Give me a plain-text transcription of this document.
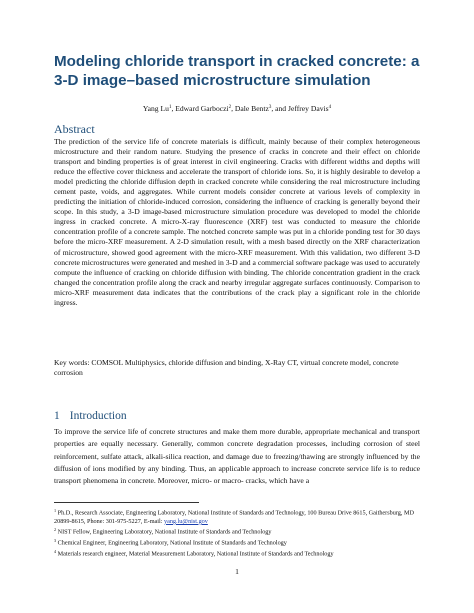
Modeling chloride transport in cracked concrete: a 3-D image–based microstructure simulation
Yang Lu$^1$, Edward Garboczi$^2$, Dale Bentz$^3$, and Jeffrey Davis$^4$
Abstract
The prediction of the service life of concrete materials is difficult, mainly because of their complex heterogeneous microstructure and their random nature. Studying the presence of cracks in concrete and their effect on chloride transport and binding properties is of great interest in civil engineering. Cracks with different widths and depths will reduce the effective cover thickness and accelerate the transport of chloride ions. So, it is highly desirable to develop a model predicting the chloride diffusion depth in cracked concrete while considering the real microstructure including cement paste, voids, and aggregates. While current models consider concrete at various levels of complexity in predicting the initiation of chloride-induced corrosion, considering the influence of cracking is generally beyond their scope. In this study, a 3-D image-based microstructure simulation procedure was developed to model the chloride ingress in cracked concrete. A micro-X-ray fluorescence (XRF) test was conducted to measure the chloride concentration profile of a concrete sample. The notched concrete sample was put in a chloride ponding test for 30 days before the micro-XRF measurement. A 2-D simulation result, with a mesh based directly on the XRF characterization of microstructure, showed good agreement with the micro-XRF measurement. With this validation, two different 3-D concrete microstructures were generated and meshed in 3-D and a commercial software package was used to accurately compute the influence of cracking on chloride diffusion with binding. The chloride concentration gradient in the crack changed the concentration profile along the crack and nearby irregular aggregate surfaces continuously. Comparison to micro-XRF measurement data indicates that the contributions of the crack play a significant role in the chloride ingress.
Key words: COMSOL Multiphysics, chloride diffusion and binding, X-Ray CT, virtual concrete model, concrete corrosion
1 Introduction
To improve the service life of concrete structures and make them more durable, appropriate mechanical and transport properties are equally necessary. Generally, common concrete degradation processes, including corrosion of steel reinforcement, sulfate attack, alkali-silica reaction, and damage due to freezing/thawing are strongly influenced by the diffusion of ions modified by any binding. Thus, an applicable approach to increase concrete service life is to reduce transport phenomena in concrete. Moreover, micro- or macro- cracks, which have a

$^1$ Ph.D., Research Associate, Engineering Laboratory, National Institute of Standards and Technology, 100 Bureau Drive 8615, Gaithersburg, MD 20899-8615, Phone: 301-975-5227, E-mail: yang.lu@nist.gov

$^2$ NIST Fellow, Engineering Laboratory, National Institute of Standards and Technology

$^3$ Chemical Engineer, Engineering Laboratory, National Institute of Standards and Technology

$^4$ Materials research engineer, Material Measurement Laboratory, National Institute of Standards and Technology

1
